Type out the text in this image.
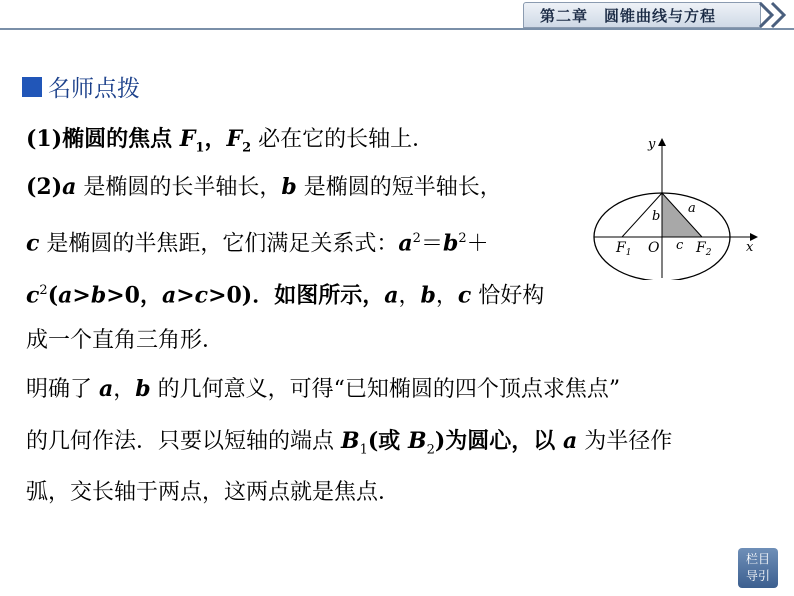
第二章　圆锥曲线与方程
名师点拨
(1)椭圆的焦点 $F_1$，$F_2$ 必在它的长轴上．
(2)a 是椭圆的长半轴长，b 是椭圆的短半轴长，
c 是椭圆的半焦距，它们满足关系式：$a^2=b^2+$
$c^2(a>b>0$，a>c>0)．如图所示，a，b，c 恰好构
成一个直角三角形．
明确了 a，b 的几何意义，可得“已知椭圆的四个顶点求焦点”
的几何作法．只要以短轴的端点 $B_1$(或 $B_2$)为圆心，以 a 为半径作
弧，交长轴于两点，这两点就是焦点．
y
x
O
$F_1$	$F_2$
a
b
c
栏目
导引
